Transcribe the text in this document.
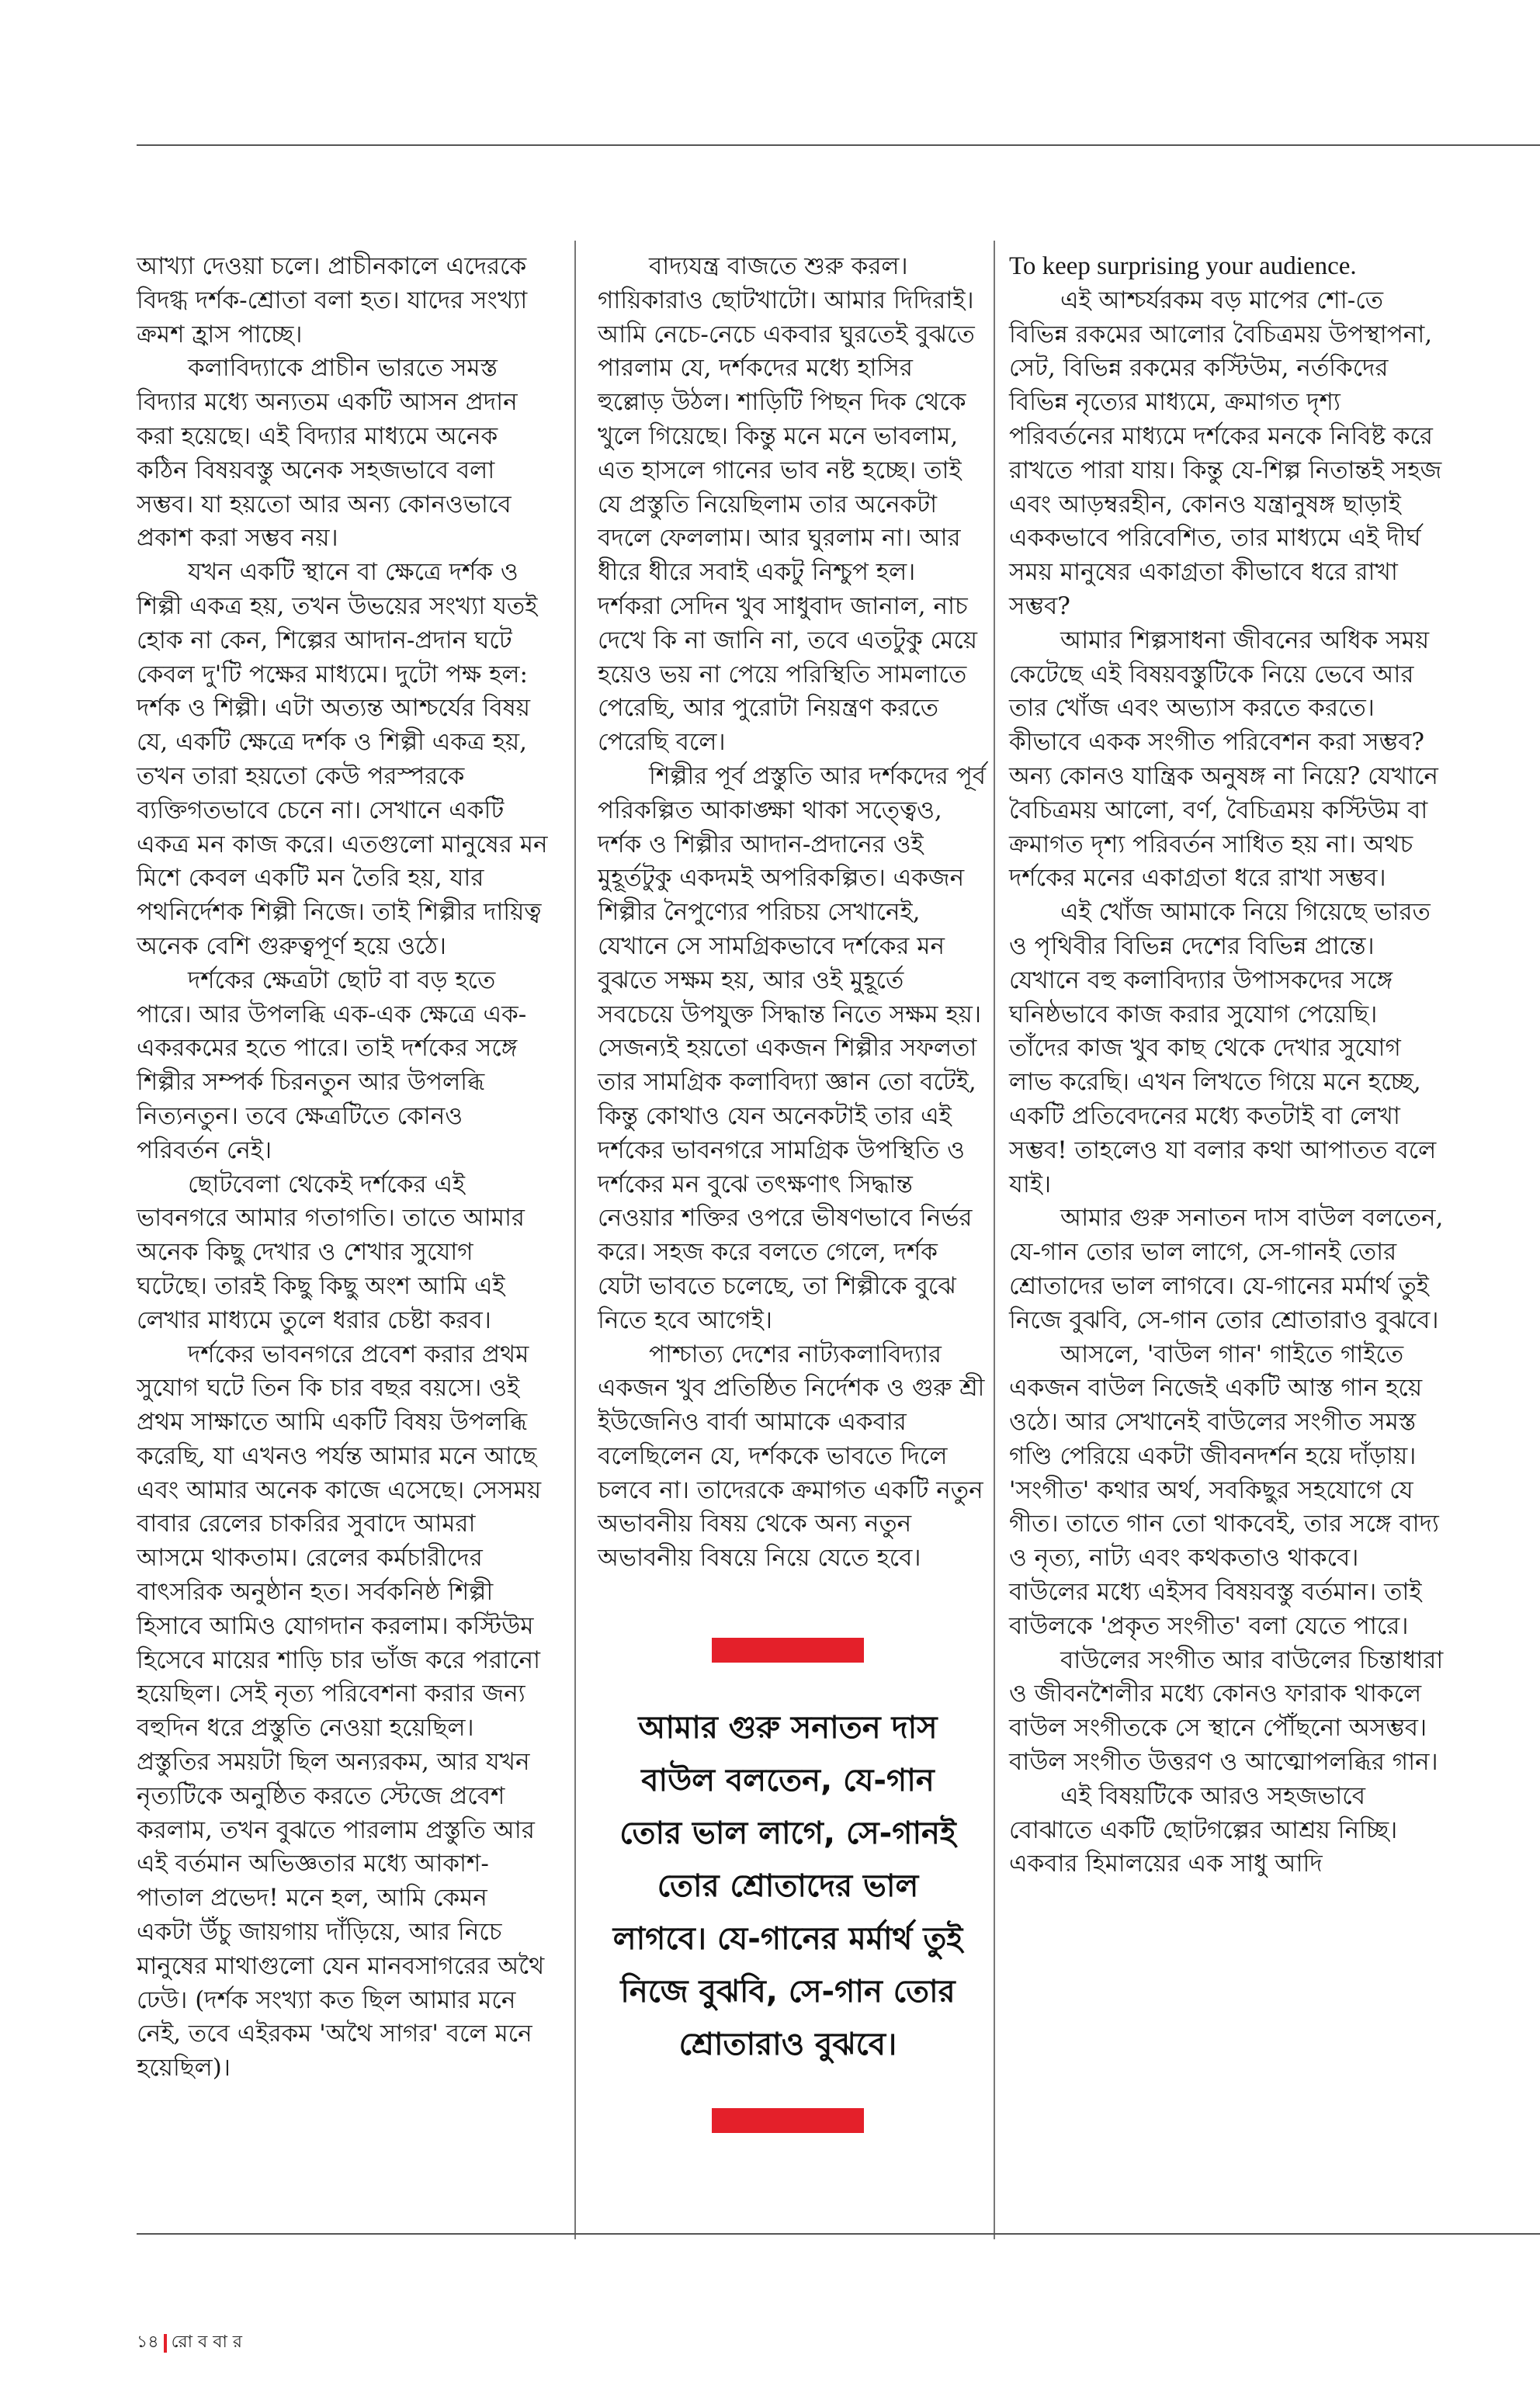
আখ্যা দেওয়া চলে। প্রাচীনকালে এদেরকে বিদগ্ধ দর্শক-শ্রোতা বলা হত। যাদের সংখ্যা ক্রমশ হ্রাস পাচ্ছে।

কলাবিদ্যাকে প্রাচীন ভারতে সমস্ত বিদ্যার মধ্যে অন্যতম একটি আসন প্রদান করা হয়েছে। এই বিদ্যার মাধ্যমে অনেক কঠিন বিষয়বস্তু অনেক সহজভাবে বলা সম্ভব। যা হয়তো আর অন্য কোনওভাবে প্রকাশ করা সম্ভব নয়।

যখন একটি স্থানে বা ক্ষেত্রে দর্শক ও শিল্পী একত্র হয়, তখন উভয়ের সংখ্যা যতই হোক না কেন, শিল্পের আদান-প্রদান ঘটে কেবল দু'টি পক্ষের মাধ্যমে। দুটো পক্ষ হল: দর্শক ও শিল্পী। এটা অত্যন্ত আশ্চর্যের বিষয় যে, একটি ক্ষেত্রে দর্শক ও শিল্পী একত্র হয়, তখন তারা হয়তো কেউ পরস্পরকে ব্যক্তিগতভাবে চেনে না। সেখানে একটি একত্র মন কাজ করে। এতগুলো মানুষের মন মিশে কেবল একটি মন তৈরি হয়, যার পথনির্দেশক শিল্পী নিজে। তাই শিল্পীর দায়িত্ব অনেক বেশি গুরুত্বপূর্ণ হয়ে ওঠে।

দর্শকের ক্ষেত্রটা ছোট বা বড় হতে পারে। আর উপলব্ধি এক-এক ক্ষেত্রে এক-একরকমের হতে পারে। তাই দর্শকের সঙ্গে শিল্পীর সম্পর্ক চিরনতুন আর উপলব্ধি নিত্যনতুন। তবে ক্ষেত্রটিতে কোনও পরিবর্তন নেই।

ছোটবেলা থেকেই দর্শকের এই ভাবনগরে আমার গতাগতি। তাতে আমার অনেক কিছু দেখার ও শেখার সুযোগ ঘটেছে। তারই কিছু কিছু অংশ আমি এই লেখার মাধ্যমে তুলে ধরার চেষ্টা করব।

দর্শকের ভাবনগরে প্রবেশ করার প্রথম সুযোগ ঘটে তিন কি চার বছর বয়সে। ওই প্রথম সাক্ষাতে আমি একটি বিষয় উপলব্ধি করেছি, যা এখনও পর্যন্ত আমার মনে আছে এবং আমার অনেক কাজে এসেছে। সেসময় বাবার রেলের চাকরির সুবাদে আমরা আসমে থাকতাম। রেলের কর্মচারীদের বাৎসরিক অনুষ্ঠান হত। সর্বকনিষ্ঠ শিল্পী হিসাবে আমিও যোগদান করলাম। কস্টিউম হিসেবে মায়ের শাড়ি চার ভাঁজ করে পরানো হয়েছিল। সেই নৃত্য পরিবেশনা করার জন্য বহুদিন ধরে প্রস্তুতি নেওয়া হয়েছিল। প্রস্তুতির সময়টা ছিল অন্যরকম, আর যখন নৃত্যটিকে অনুষ্ঠিত করতে স্টেজে প্রবেশ করলাম, তখন বুঝতে পারলাম প্রস্তুতি আর এই বর্তমান অভিজ্ঞতার মধ্যে আকাশ-পাতাল প্রভেদ! মনে হল, আমি কেমন একটা উঁচু জায়গায় দাঁড়িয়ে, আর নিচে মানুষের মাথাগুলো যেন মানবসাগরের অথৈ ঢেউ। (দর্শক সংখ্যা কত ছিল আমার মনে নেই, তবে এইরকম 'অথৈ সাগর' বলে মনে হয়েছিল)।

বাদ্যযন্ত্র বাজতে শুরু করল। গায়িকারাও ছোটখাটো। আমার দিদিরাই। আমি নেচে-নেচে একবার ঘুরতেই বুঝতে পারলাম যে, দর্শকদের মধ্যে হাসির হুল্লোড় উঠল। শাড়িটি পিছন দিক থেকে খুলে গিয়েছে। কিন্তু মনে মনে ভাবলাম, এত হাসলে গানের ভাব নষ্ট হচ্ছে। তাই যে প্রস্তুতি নিয়েছিলাম তার অনেকটা বদলে ফেললাম। আর ঘুরলাম না। আর ধীরে ধীরে সবাই একটু নিশ্চুপ হল। দর্শকরা সেদিন খুব সাধুবাদ জানাল, নাচ দেখে কি না জানি না, তবে এতটুকু মেয়ে হয়েও ভয় না পেয়ে পরিস্থিতি সামলাতে পেরেছি, আর পুরোটা নিয়ন্ত্রণ করতে পেরেছি বলে।

শিল্পীর পূর্ব প্রস্তুতি আর দর্শকদের পূর্ব পরিকল্পিত আকাঙ্ক্ষা থাকা সত্ত্বেও, দর্শক ও শিল্পীর আদান-প্রদানের ওই মুহূর্তটুকু একদমই অপরিকল্পিত। একজন শিল্পীর নৈপুণ্যের পরিচয় সেখানেই, যেখানে সে সামগ্রিকভাবে দর্শকের মন বুঝতে সক্ষম হয়, আর ওই মুহূর্তে সবচেয়ে উপযুক্ত সিদ্ধান্ত নিতে সক্ষম হয়। সেজন্যই হয়তো একজন শিল্পীর সফলতা তার সামগ্রিক কলাবিদ্যা জ্ঞান তো বটেই, কিন্তু কোথাও যেন অনেকটাই তার এই দর্শকের ভাবনগরে সামগ্রিক উপস্থিতি ও দর্শকের মন বুঝে তৎক্ষণাৎ সিদ্ধান্ত নেওয়ার শক্তির ওপরে ভীষণভাবে নির্ভর করে। সহজ করে বলতে গেলে, দর্শক যেটা ভাবতে চলেছে, তা শিল্পীকে বুঝে নিতে হবে আগেই।

পাশ্চাত্য দেশের নাট্যকলাবিদ্যার একজন খুব প্রতিষ্ঠিত নির্দেশক ও গুরু শ্রী ইউজেনিও বার্বা আমাকে একবার বলেছিলেন যে, দর্শককে ভাবতে দিলে চলবে না। তাদেরকে ক্রমাগত একটি নতুন অভাবনীয় বিষয় থেকে অন্য নতুন অভাবনীয় বিষয়ে নিয়ে যেতে হবে।

আমার গুরু সনাতন দাস বাউল বলতেন, যে-গান তোর ভাল লাগে, সে-গানই তোর শ্রোতাদের ভাল লাগবে। যে-গানের মর্মার্থ তুই নিজে বুঝবি, সে-গান তোর শ্রোতারাও বুঝবে।

To keep surprising your audience.

এই আশ্চর্যরকম বড় মাপের শো-তে বিভিন্ন রকমের আলোর বৈচিত্রময় উপস্থাপনা, সেট, বিভিন্ন রকমের কস্টিউম, নর্তকিদের বিভিন্ন নৃত্যের মাধ্যমে, ক্রমাগত দৃশ্য পরিবর্তনের মাধ্যমে দর্শকের মনকে নিবিষ্ট করে রাখতে পারা যায়। কিন্তু যে-শিল্প নিতান্তই সহজ এবং আড়ম্বরহীন, কোনও যন্ত্রানুষঙ্গ ছাড়াই এককভাবে পরিবেশিত, তার মাধ্যমে এই দীর্ঘ সময় মানুষের একাগ্রতা কীভাবে ধরে রাখা সম্ভব?

আমার শিল্পসাধনা জীবনের অধিক সময় কেটেছে এই বিষয়বস্তুটিকে নিয়ে ভেবে আর তার খোঁজ এবং অভ্যাস করতে করতে। কীভাবে একক সংগীত পরিবেশন করা সম্ভব? অন্য কোনও যান্ত্রিক অনুষঙ্গ না নিয়ে? যেখানে বৈচিত্রময় আলো, বর্ণ, বৈচিত্রময় কস্টিউম বা ক্রমাগত দৃশ্য পরিবর্তন সাধিত হয় না। অথচ দর্শকের মনের একাগ্রতা ধরে রাখা সম্ভব।

এই খোঁজ আমাকে নিয়ে গিয়েছে ভারত ও পৃথিবীর বিভিন্ন দেশের বিভিন্ন প্রান্তে। যেখানে বহু কলাবিদ্যার উপাসকদের সঙ্গে ঘনিষ্ঠভাবে কাজ করার সুযোগ পেয়েছি। তাঁদের কাজ খুব কাছ থেকে দেখার সুযোগ লাভ করেছি। এখন লিখতে গিয়ে মনে হচ্ছে, একটি প্রতিবেদনের মধ্যে কতটাই বা লেখা সম্ভব! তাহলেও যা বলার কথা আপাতত বলে যাই।

আমার গুরু সনাতন দাস বাউল বলতেন, যে-গান তোর ভাল লাগে, সে-গানই তোর শ্রোতাদের ভাল লাগবে। যে-গানের মর্মার্থ তুই নিজে বুঝবি, সে-গান তোর শ্রোতারাও বুঝবে।

আসলে, 'বাউল গান' গাইতে গাইতে একজন বাউল নিজেই একটি আস্ত গান হয়ে ওঠে। আর সেখানেই বাউলের সংগীত সমস্ত গণ্ডি পেরিয়ে একটা জীবনদর্শন হয়ে দাঁড়ায়। 'সংগীত' কথার অর্থ, সবকিছুর সহযোগে যে গীত। তাতে গান তো থাকবেই, তার সঙ্গে বাদ্য ও নৃত্য, নাট্য এবং কথকতাও থাকবে। বাউলের মধ্যে এইসব বিষয়বস্তু বর্তমান। তাই বাউলকে 'প্রকৃত সংগীত' বলা যেতে পারে।

বাউলের সংগীত আর বাউলের চিন্তাধারা ও জীবনশৈলীর মধ্যে কোনও ফারাক থাকলে বাউল সংগীতকে সে স্থানে পৌঁছনো অসম্ভব। বাউল সংগীত উত্তরণ ও আত্মোপলব্ধির গান।

এই বিষয়টিকে আরও সহজভাবে বোঝাতে একটি ছোটগল্পের আশ্রয় নিচ্ছি। একবার হিমালয়ের এক সাধু আদি

১৪ রো ব বা র
